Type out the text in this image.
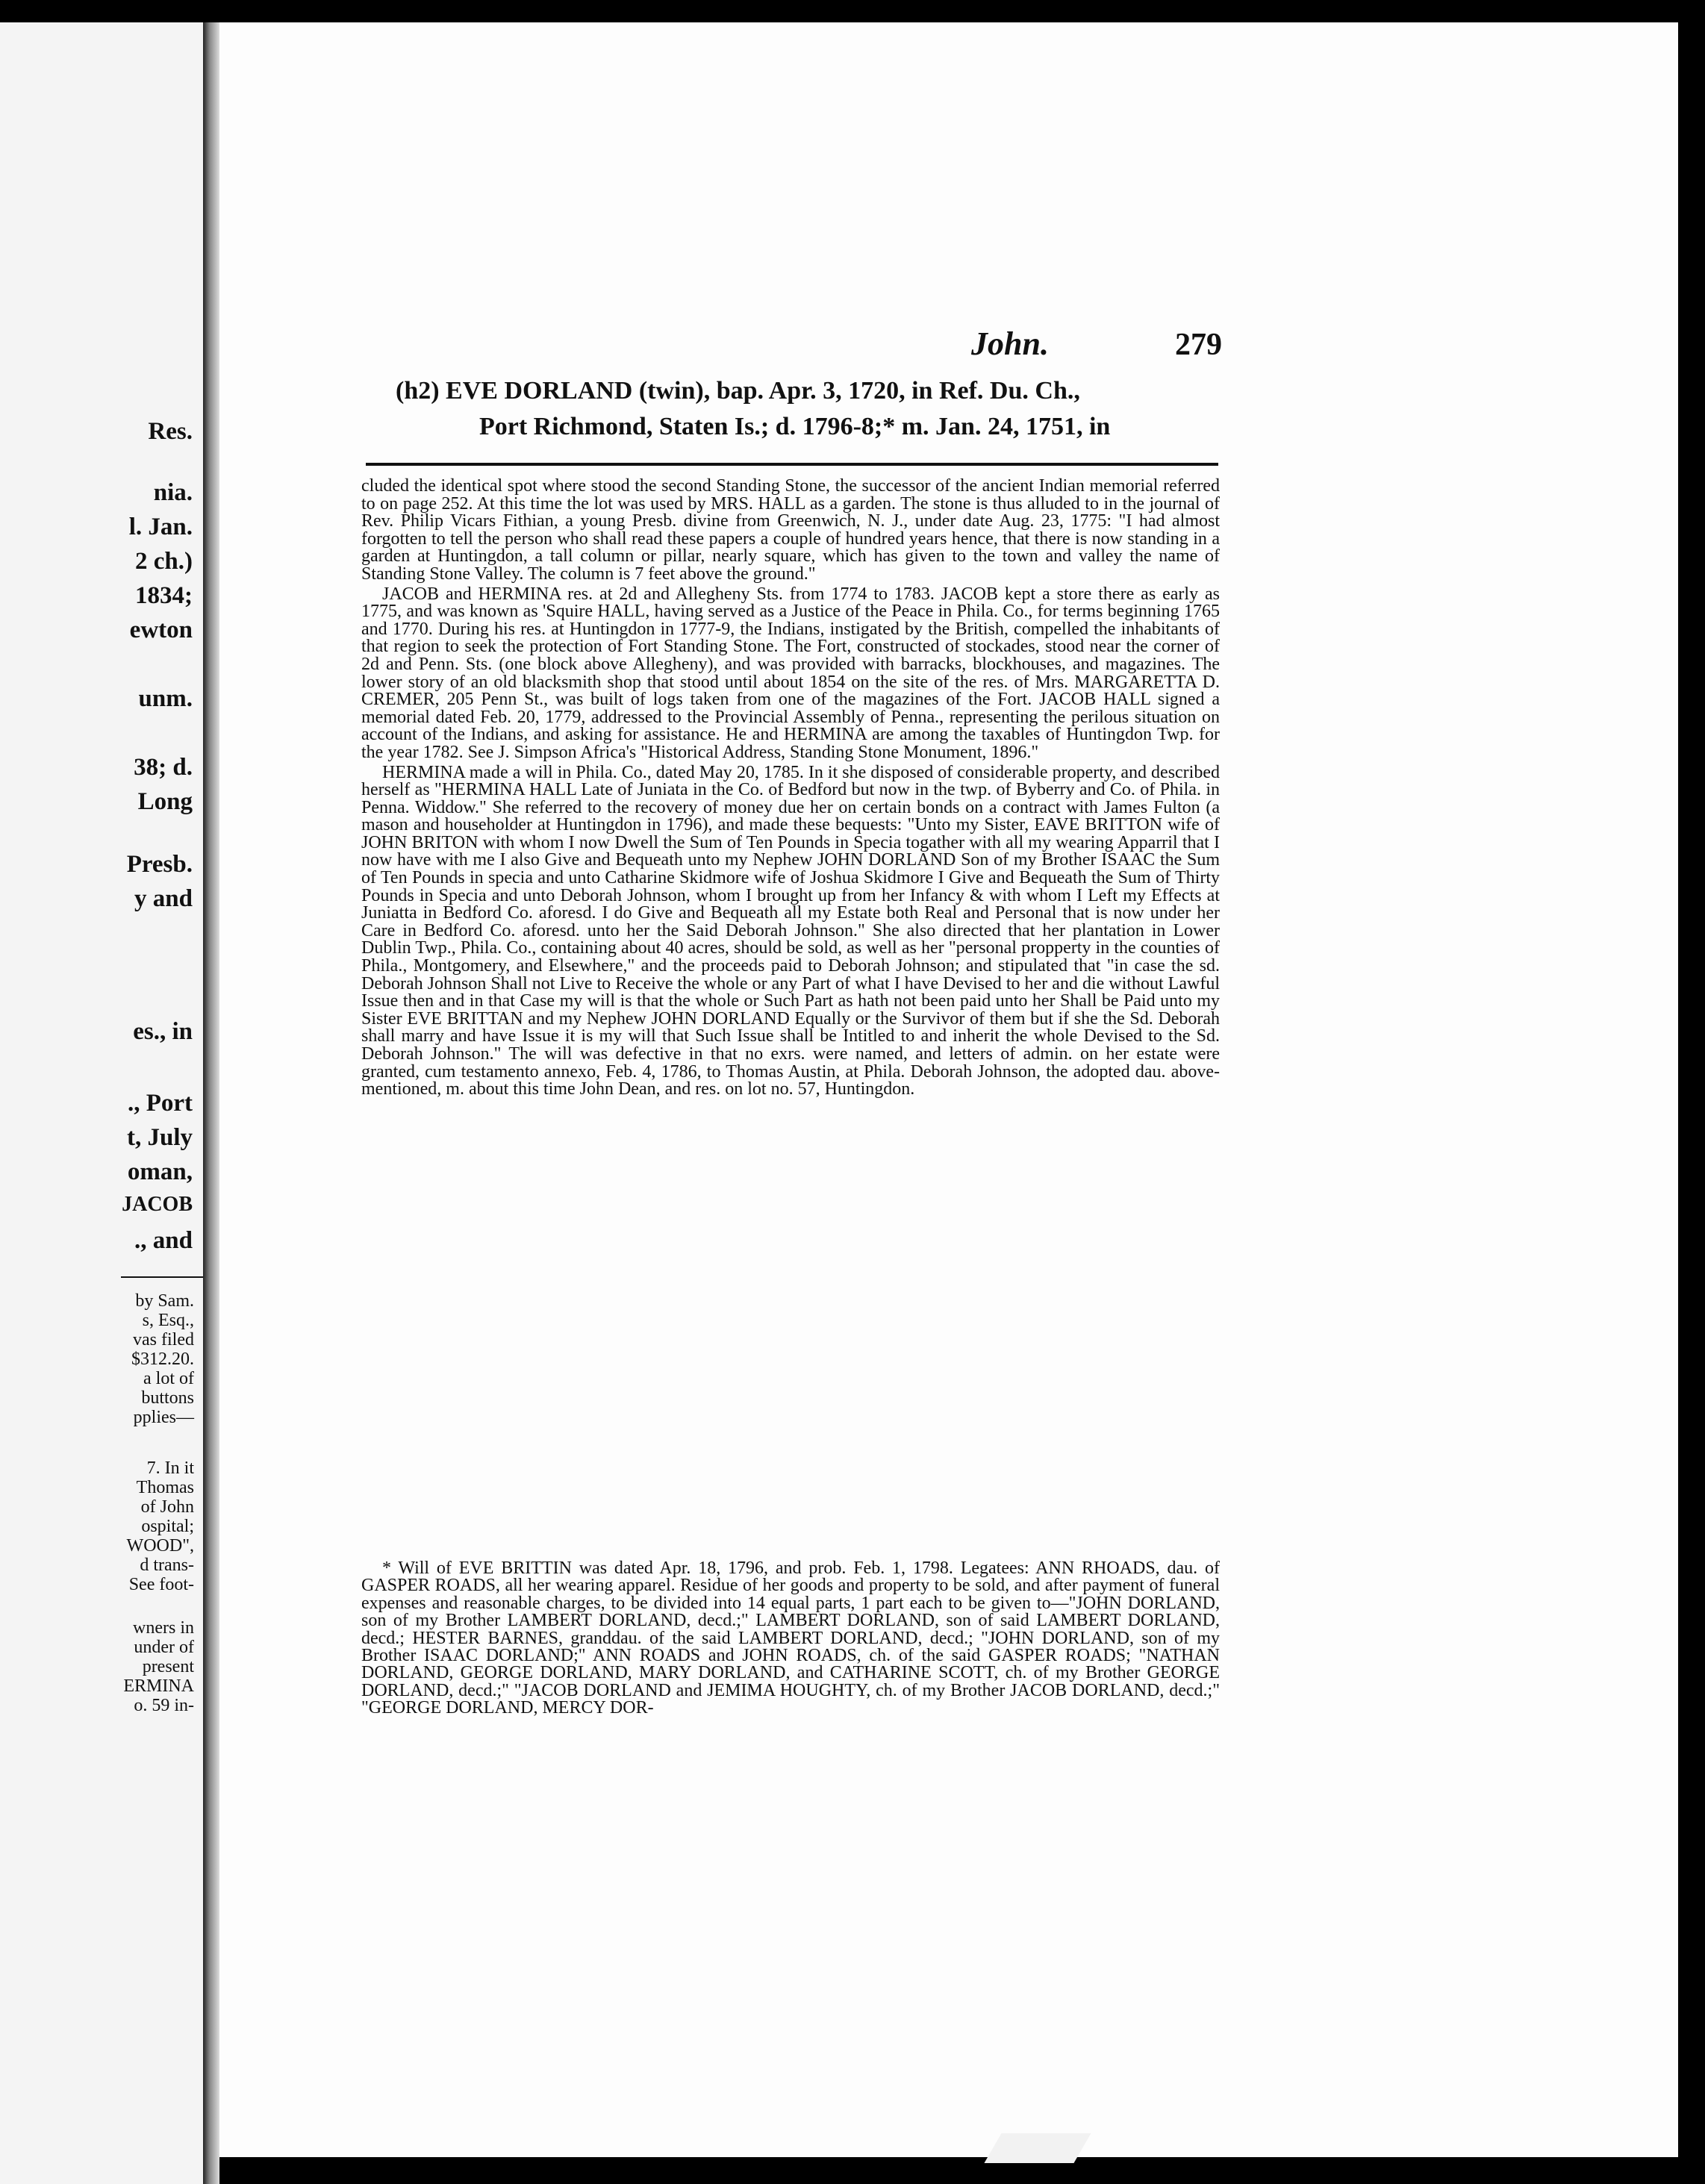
Res.
nia.
l. Jan.
2 ch.)
1834;
ewton
unm.
38; d.
Long
Presb.
y and
es., in
., Port
t, July
oman,
JACOB
., and
by Sam.
s, Esq.,
vas filed
$312.20.
a lot of
buttons
pplies—
7. In it
Thomas
of John
ospital;
WOOD",
d trans-
See foot-
wners in
under of
present
ERMINA
o. 59 in-
John.	279
(h2) EVE DORLAND (twin), bap. Apr. 3, 1720, in Ref. Du. Ch.,
Port Richmond, Staten Is.; d. 1796-8;* m. Jan. 24, 1751, in

cluded the identical spot where stood the second Standing Stone, the successor of the ancient Indian memorial referred to on page 252. At this time the lot was used by MRS. HALL as a garden. The stone is thus alluded to in the journal of Rev. Philip Vicars Fithian, a young Presb. divine from Greenwich, N. J., under date Aug. 23, 1775: "I had almost forgotten to tell the person who shall read these papers a couple of hundred years hence, that there is now standing in a garden at Huntingdon, a tall column or pillar, nearly square, which has given to the town and valley the name of Standing Stone Valley. The column is 7 feet above the ground."

JACOB and HERMINA res. at 2d and Allegheny Sts. from 1774 to 1783. JACOB kept a store there as early as 1775, and was known as 'Squire HALL, having served as a Justice of the Peace in Phila. Co., for terms beginning 1765 and 1770. During his res. at Huntingdon in 1777-9, the Indians, instigated by the British, compelled the inhabitants of that region to seek the protection of Fort Standing Stone. The Fort, constructed of stockades, stood near the corner of 2d and Penn. Sts. (one block above Allegheny), and was provided with barracks, blockhouses, and magazines. The lower story of an old blacksmith shop that stood until about 1854 on the site of the res. of Mrs. MARGARETTA D. CREMER, 205 Penn St., was built of logs taken from one of the magazines of the Fort. JACOB HALL signed a memorial dated Feb. 20, 1779, addressed to the Provincial Assembly of Penna., representing the perilous situation on account of the Indians, and asking for assistance. He and HERMINA are among the taxables of Huntingdon Twp. for the year 1782. See J. Simpson Africa's "Historical Address, Standing Stone Monument, 1896."

HERMINA made a will in Phila. Co., dated May 20, 1785. In it she disposed of considerable property, and described herself as "HERMINA HALL Late of Juniata in the Co. of Bedford but now in the twp. of Byberry and Co. of Phila. in Penna. Widdow." She referred to the recovery of money due her on certain bonds on a contract with James Fulton (a mason and householder at Huntingdon in 1796), and made these bequests: "Unto my Sister, EAVE BRITTON wife of JOHN BRITON with whom I now Dwell the Sum of Ten Pounds in Specia togather with all my wearing Apparril that I now have with me I also Give and Bequeath unto my Nephew JOHN DORLAND Son of my Brother ISAAC the Sum of Ten Pounds in specia and unto Catharine Skidmore wife of Joshua Skidmore I Give and Bequeath the Sum of Thirty Pounds in Specia and unto Deborah Johnson, whom I brought up from her Infancy & with whom I Left my Effects at Juniatta in Bedford Co. aforesd. I do Give and Bequeath all my Estate both Real and Personal that is now under her Care in Bedford Co. aforesd. unto her the Said Deborah Johnson." She also directed that her plantation in Lower Dublin Twp., Phila. Co., containing about 40 acres, should be sold, as well as her "personal propperty in the counties of Phila., Montgomery, and Elsewhere," and the proceeds paid to Deborah Johnson; and stipulated that "in case the sd. Deborah Johnson Shall not Live to Receive the whole or any Part of what I have Devised to her and die without Lawful Issue then and in that Case my will is that the whole or Such Part as hath not been paid unto her Shall be Paid unto my Sister EVE BRITTAN and my Nephew JOHN DORLAND Equally or the Survivor of them but if she the Sd. Deborah shall marry and have Issue it is my will that Such Issue shall be Intitled to and inherit the whole Devised to the Sd. Deborah Johnson." The will was defective in that no exrs. were named, and letters of admin. on her estate were granted, cum testamento annexo, Feb. 4, 1786, to Thomas Austin, at Phila. Deborah Johnson, the adopted dau. above-mentioned, m. about this time John Dean, and res. on lot no. 57, Huntingdon.

* Will of EVE BRITTIN was dated Apr. 18, 1796, and prob. Feb. 1, 1798. Legatees: ANN RHOADS, dau. of GASPER ROADS, all her wearing apparel. Residue of her goods and property to be sold, and after payment of funeral expenses and reasonable charges, to be divided into 14 equal parts, 1 part each to be given to—"JOHN DORLAND, son of my Brother LAMBERT DORLAND, decd.;" LAMBERT DORLAND, son of said LAMBERT DORLAND, decd.; HESTER BARNES, granddau. of the said LAMBERT DORLAND, decd.; "JOHN DORLAND, son of my Brother ISAAC DORLAND;" ANN ROADS and JOHN ROADS, ch. of the said GASPER ROADS; "NATHAN DORLAND, GEORGE DORLAND, MARY DORLAND, and CATHARINE SCOTT, ch. of my Brother GEORGE DORLAND, decd.;" "JACOB DORLAND and JEMIMA HOUGHTY, ch. of my Brother JACOB DORLAND, decd.;" "GEORGE DORLAND, MERCY DOR-
